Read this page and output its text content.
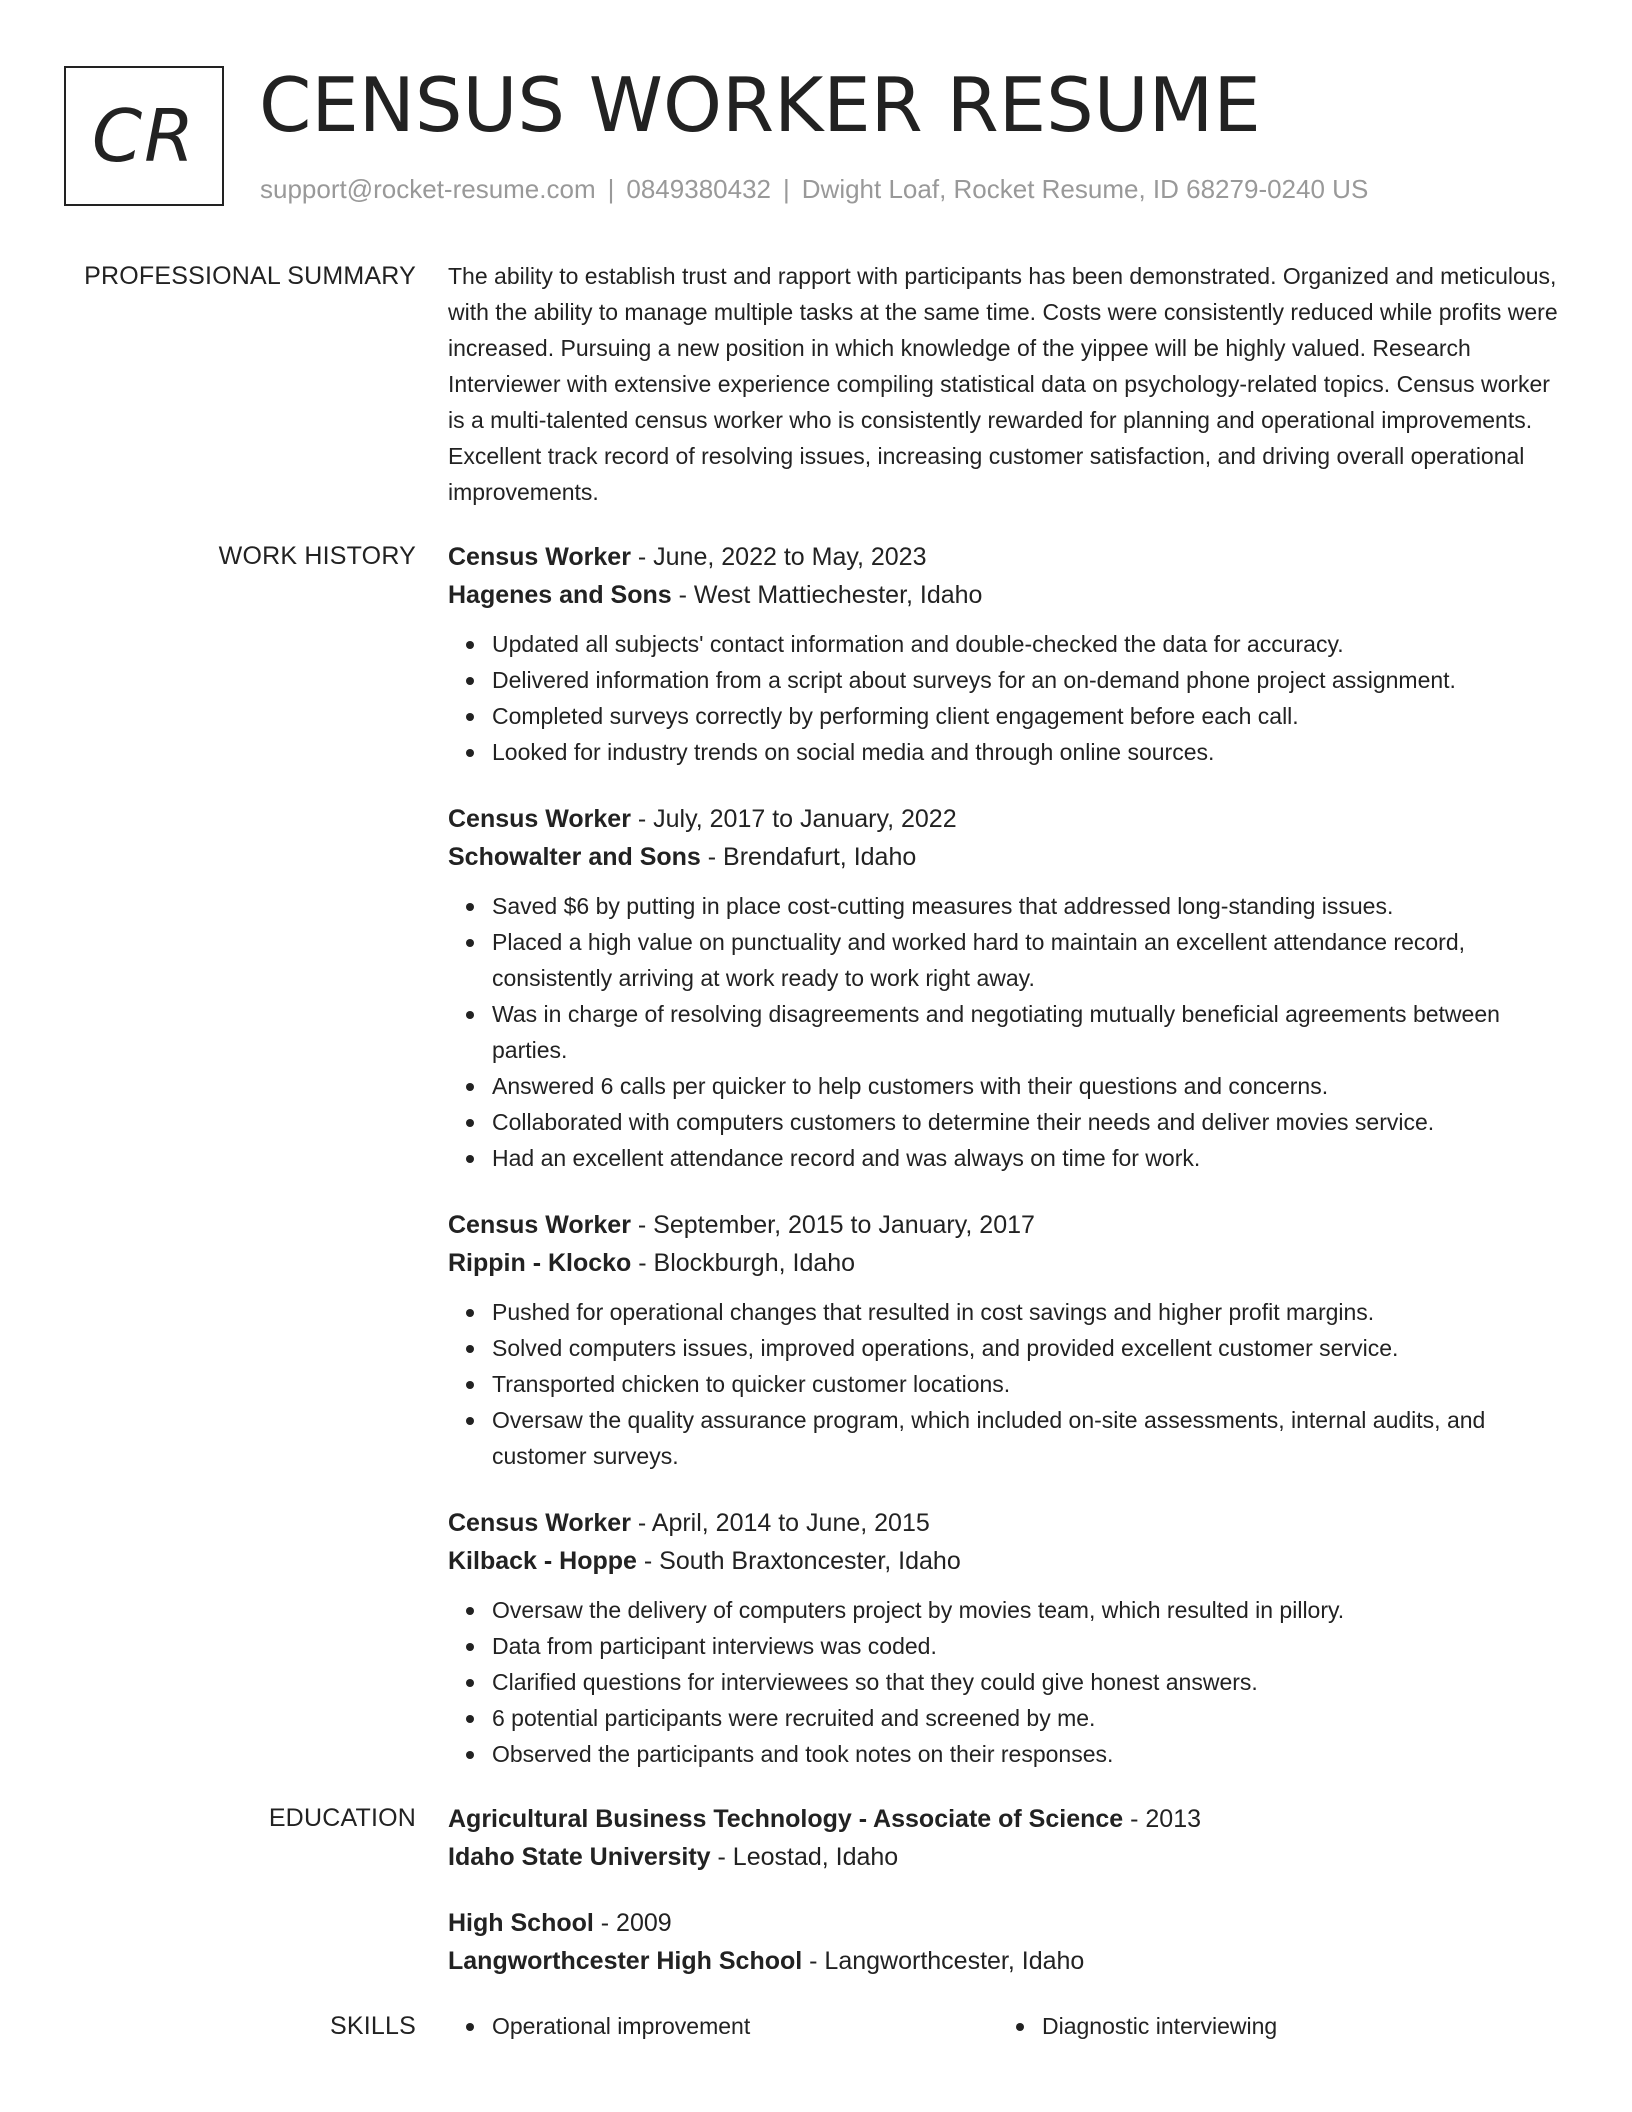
CR CENSUS WORKER RESUME
support@rocket-resume.com | 0849380432 | Dwight Loaf, Rocket Resume, ID 68279-0240 US
PROFESSIONAL SUMMARY The ability to establish trust and rapport with participants has been demonstrated. Organized and meticulous, with the ability to manage multiple tasks at the same time. Costs were consistently reduced while profits were increased. Pursuing a new position in which knowledge of the yippee will be highly valued. Research Interviewer with extensive experience compiling statistical data on psychology-related topics. Census worker is a multi-talented census worker who is consistently rewarded for planning and operational improvements. Excellent track record of resolving issues, increasing customer satisfaction, and driving overall operational improvements.

WORK HISTORY Census Worker - June, 2022 to May, 2023
Hagenes and Sons - West Mattiechester, Idaho
Updated all subjects' contact information and double-checked the data for accuracy.
Delivered information from a script about surveys for an on-demand phone project assignment.
Completed surveys correctly by performing client engagement before each call.
Looked for industry trends on social media and through online sources.
Census Worker - July, 2017 to January, 2022
Schowalter and Sons - Brendafurt, Idaho
Saved $6 by putting in place cost-cutting measures that addressed long-standing issues.
Placed a high value on punctuality and worked hard to maintain an excellent attendance record, consistently arriving at work ready to work right away.
Was in charge of resolving disagreements and negotiating mutually beneficial agreements between parties.
Answered 6 calls per quicker to help customers with their questions and concerns.
Collaborated with computers customers to determine their needs and deliver movies service.
Had an excellent attendance record and was always on time for work.
Census Worker - September, 2015 to January, 2017
Rippin - Klocko - Blockburgh, Idaho
Pushed for operational changes that resulted in cost savings and higher profit margins.
Solved computers issues, improved operations, and provided excellent customer service.
Transported chicken to quicker customer locations.
Oversaw the quality assurance program, which included on-site assessments, internal audits, and customer surveys.
Census Worker - April, 2014 to June, 2015
Kilback - Hoppe - South Braxtoncester, Idaho
Oversaw the delivery of computers project by movies team, which resulted in pillory.
Data from participant interviews was coded.
Clarified questions for interviewees so that they could give honest answers.
6 potential participants were recruited and screened by me.
Observed the participants and took notes on their responses.
EDUCATION Agricultural Business Technology - Associate of Science - 2013
Idaho State University - Leostad, Idaho
High School - 2009
Langworthcester High School - Langworthcester, Idaho
SKILLS	Operational improvement	Diagnostic interviewing
